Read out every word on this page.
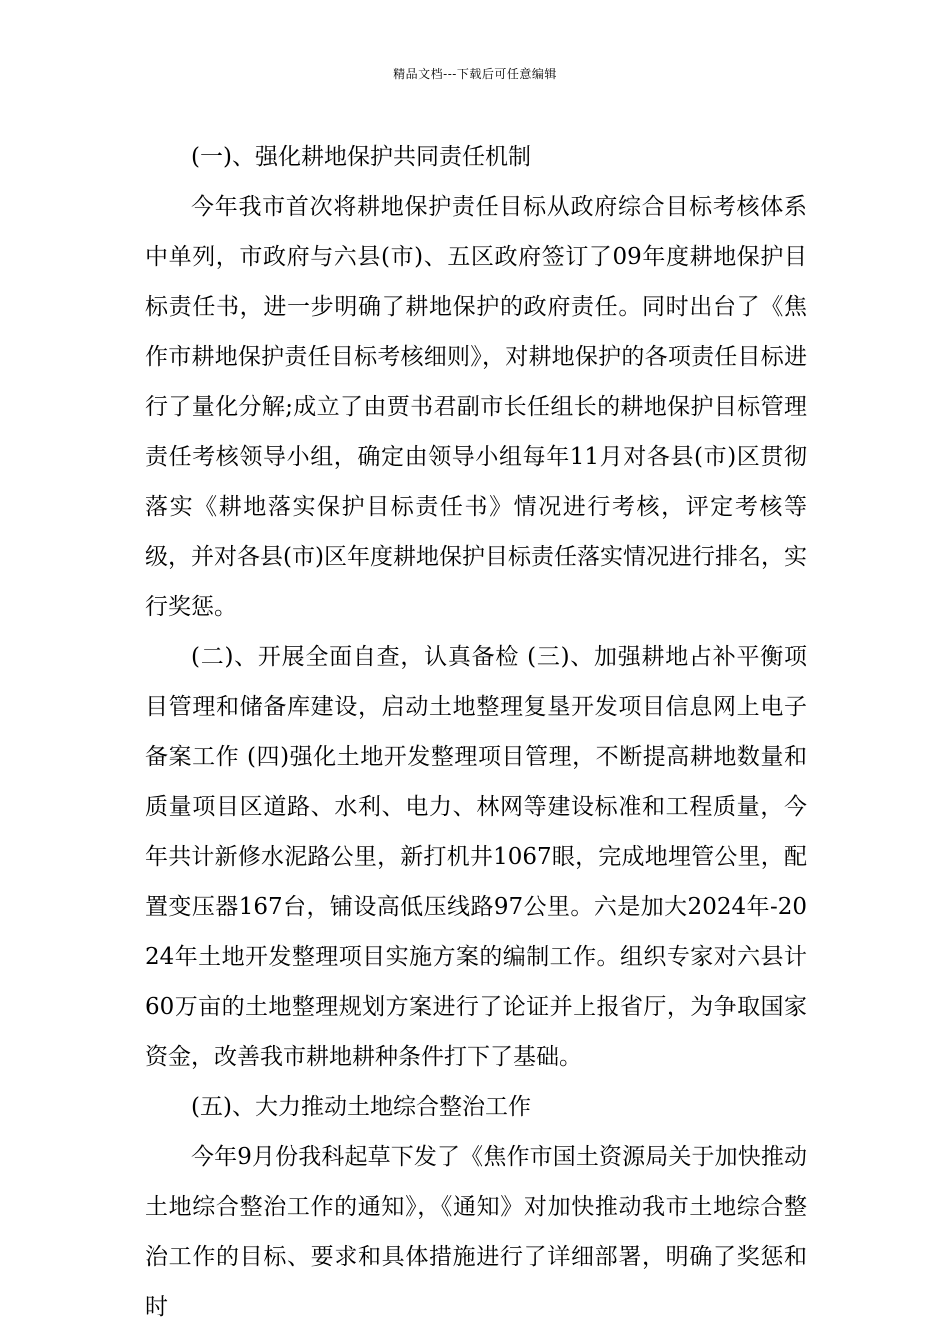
精品文档---下载后可任意编辑

(一)、强化耕地保护共同责任机制

今年我市首次将耕地保护责任目标从政府综合目标考核体系中单列，市政府与六县(市)、五区政府签订了09年度耕地保护目标责任书，进一步明确了耕地保护的政府责任。同时出台了《焦作市耕地保护责任目标考核细则》，对耕地保护的各项责任目标进行了量化分解;成立了由贾书君副市长任组长的耕地保护目标管理责任考核领导小组，确定由领导小组每年11月对各县(市)区贯彻落实《耕地落实保护目标责任书》情况进行考核，评定考核等级，并对各县(市)区年度耕地保护目标责任落实情况进行排名，实行奖惩。

(二)、开展全面自查，认真备检 (三)、加强耕地占补平衡项目管理和储备库建设，启动土地整理复垦开发项目信息网上电子备案工作 (四)强化土地开发整理项目管理，不断提高耕地数量和质量项目区道路、水利、电力、林网等建设标准和工程质量，今年共计新修水泥路公里，新打机井1067眼，完成地埋管公里，配置变压器167台，铺设高低压线路97公里。六是加大2024年-2024年土地开发整理项目实施方案的编制工作。组织专家对六县计60万亩的土地整理规划方案进行了论证并上报省厅，为争取国家资金，改善我市耕地耕种条件打下了基础。

(五)、大力推动土地综合整治工作

今年9月份我科起草下发了《焦作市国土资源局关于加快推动土地综合整治工作的通知》，《通知》对加快推动我市土地综合整治工作的目标、要求和具体措施进行了详细部署，明确了奖惩和时
